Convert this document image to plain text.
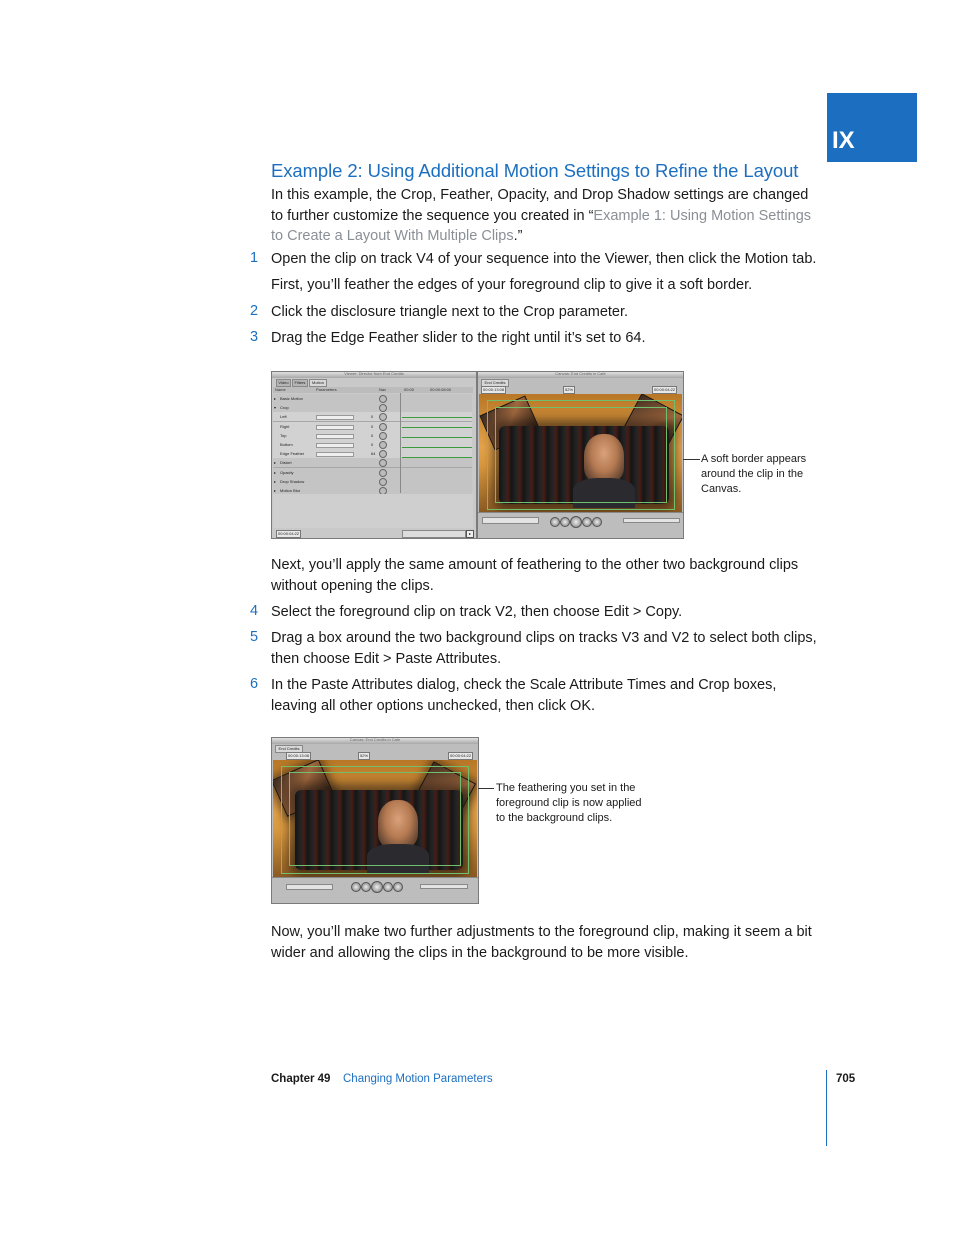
IX
Example 2: Using Additional Motion Settings to Refine the Layout
In this example, the Crop, Feather, Opacity, and Drop Shadow settings are changed to further customize the sequence you created in “Example 1: Using Motion Settings to Create a Layout With Multiple Clips.”
1 Open the clip on track V4 of your sequence into the Viewer, then click the Motion tab.
First, you’ll feather the edges of your foreground clip to give it a soft border.
2 Click the disclosure triangle next to the Crop parameter.
3 Drag the Edge Feather slider to the right until it’s set to 64.
Viewer: Director from End Credits
Video	Filters	Motion
Name	Parameters	Nav	00:00	00:00:08:00
▸ Basic Motion
▾ Crop
Left	0
Right	0
Top	0
Bottom	0
Edge Feather	64
▸ Distort
▸ Opacity
▸ Drop Shadow
▸ Motion Blur
00:00:04:22	▸
Canvas: End Credits in Cafe
End Credits
00:00:13:08	52%	00:00:04:22
A soft border appears around the clip in the Canvas.
Next, you’ll apply the same amount of feathering to the other two background clips without opening the clips.
4 Select the foreground clip on track V2, then choose Edit > Copy.
5 Drag a box around the two background clips on tracks V3 and V2 to select both clips, then choose Edit > Paste Attributes.
6 In the Paste Attributes dialog, check the Scale Attribute Times and Crop boxes, leaving all other options unchecked, then click OK.
Canvas: End Credits in Cafe
End Credits
00:00:13:08	52%	00:00:04:22
The feathering you set in the foreground clip is now applied to the background clips.
Now, you’ll make two further adjustments to the foreground clip, making it seem a bit wider and allowing the clips in the background to be more visible.
Chapter 49 Changing Motion Parameters	705
